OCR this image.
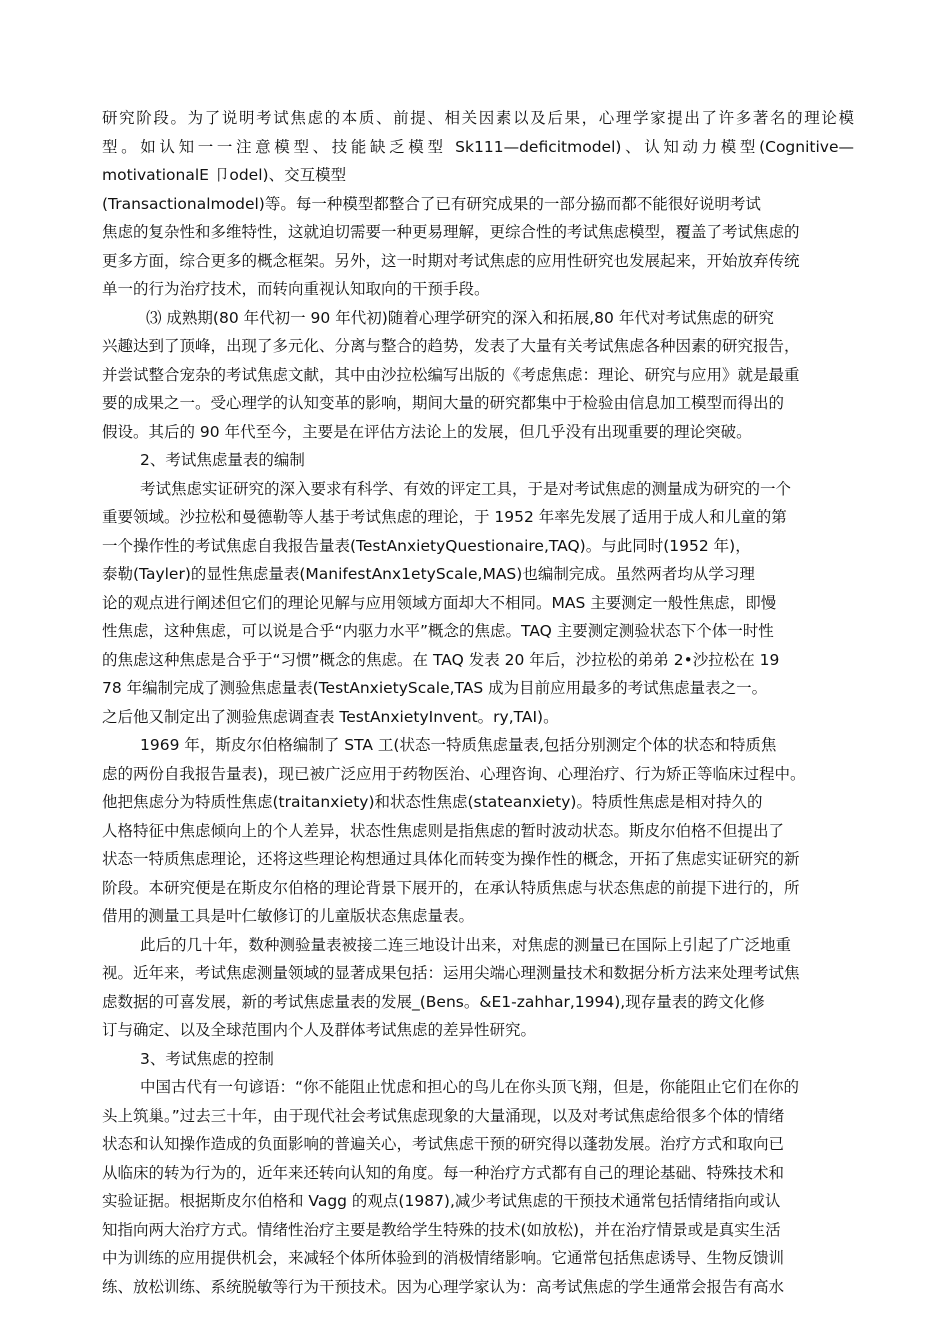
研究阶段。为了说明考试焦虑的本质、前提、相关因素以及后果，心理学家提出了许多著名的理论模
型。如认知一一注意模型、技能缺乏模型 Sk111—deficitmodel)、认知动力模型(Cognitive—
motivationalE 卩odel)、交互模型
(Transactionalmodel)等。每一种模型都整合了已有研究成果的一部分拹而都不能很好说明考试
焦虑的复杂性和多维特性，这就迫切需要一种更易理解，更综合性的考试焦虑模型，覆盖了考试焦虑的
更多方面，综合更多的概念框架。另外，这一时期对考试焦虑的应用性研究也发展起来，开始放弃传统
单一的行为治疗技术，而转向重视认知取向的干预手段。
⑶ 成熟期(80 年代初一 90 年代初)随着心理学研究的深入和拓展,80 年代对考试焦虑的研究
兴趣达到了顶峰，出现了多元化、分离与整合的趋势，发表了大量有关考试焦虑各种因素的研究报告，
并尝试整合宠杂的考试焦虑文献，其中由沙拉松编写出版的《考虑焦虑：理论、研究与应用》就是最重
要的成果之一。受心理学的认知变革的影响，期间大量的研究都集中于检验由信息加工模型而得出的
假设。其后的 90 年代至今，主要是在评估方法论上的发展，但几乎没有出现重要的理论突破。
2、考试焦虑量表的编制
考试焦虑实证研究的深入要求有科学、有效的评定工具，于是对考试焦虑的测量成为研究的一个
重要领域。沙拉松和曼德勒等人基于考试焦虑的理论，于 1952 年率先发展了适用于成人和儿童的第
一个操作性的考试焦虑自我报告量表(TestAnxietyQuestionaire,TAQ)。与此同时(1952 年)，
泰勒(Tayler)的显性焦虑量表(ManifestAnx1etyScale,MAS)也编制完成。虽然两者均从学习理
论的观点进行阐述但它们的理论见解与应用领域方面却大不相同。MAS 主要测定一般性焦虑，即慢
性焦虑，这种焦虑，可以说是合乎“内驱力水平”概念的焦虑。TAQ 主要测定测验状态下个体一时性
的焦虑这种焦虑是合乎于“习惯”概念的焦虑。在 TAQ 发表 20 年后，沙拉松的弟弟 2•沙拉松在 19
78 年编制完成了测验焦虑量表(TestAnxietyScale,TAS 成为目前应用最多的考试焦虑量表之一。
之后他又制定出了测验焦虑调查表 TestAnxietyInvent。ry,TAI)。
1969 年，斯皮尔伯格编制了 STA 工(状态一特质焦虑量表,包括分别测定个体的状态和特质焦
虑的两份自我报告量表)，现已被广泛应用于药物医治、心理咨询、心理治疗、行为矫正等临床过程中。
他把焦虑分为特质性焦虑(traitanxiety)和状态性焦虑(stateanxiety)。特质性焦虑是相对持久的
人格特征中焦虑倾向上的个人差异，状态性焦虑则是指焦虑的暂时波动状态。斯皮尔伯格不但提出了
状态一特质焦虑理论，还将这些理论构想通过具体化而转变为操作性的概念，开拓了焦虑实证研究的新
阶段。本研究便是在斯皮尔伯格的理论背景下展开的，在承认特质焦虑与状态焦虑的前提下进行的，所
借用的测量工具是叶仁敏修订的儿童版状态焦虑量表。
此后的几十年，数种测验量表被接二连三地设计出来，对焦虑的测量已在国际上引起了广泛地重
视。近年来，考试焦虑测量领域的显著成果包括：运用尖端心理测量技术和数据分析方法来处理考试焦
虑数据的可喜发展，新的考试焦虑量表的发展_(Bens。&E1-zahhar,1994),现存量表的跨文化修
订与确定、以及全球范围内个人及群体考试焦虑的差异性研究。
3、考试焦虑的控制
中国古代有一句谚语：“你不能阻止忧虑和担心的鸟儿在你头顶飞翔，但是，你能阻止它们在你的
头上筑巢。”过去三十年，由于现代社会考试焦虑现象的大量涌现，以及对考试焦虑给很多个体的情绪
状态和认知操作造成的负面影响的普遍关心，考试焦虑干预的研究得以蓬勃发展。治疗方式和取向已
从临床的转为行为的，近年来还转向认知的角度。每一种治疗方式都有自己的理论基础、特殊技术和
实验证据。根据斯皮尔伯格和 Vagg 的观点(1987),减少考试焦虑的干预技术通常包括情绪指向或认
知指向两大治疗方式。情绪性治疗主要是教给学生特殊的技术(如放松)，并在治疗情景或是真实生活
中为训练的应用提供机会，来减轻个体所体验到的消极情绪影响。它通常包括焦虑诱导、生物反馈训
练、放松训练、系统脱敏等行为干预技术。因为心理学家认为：高考试焦虑的学生通常会报告有高水
